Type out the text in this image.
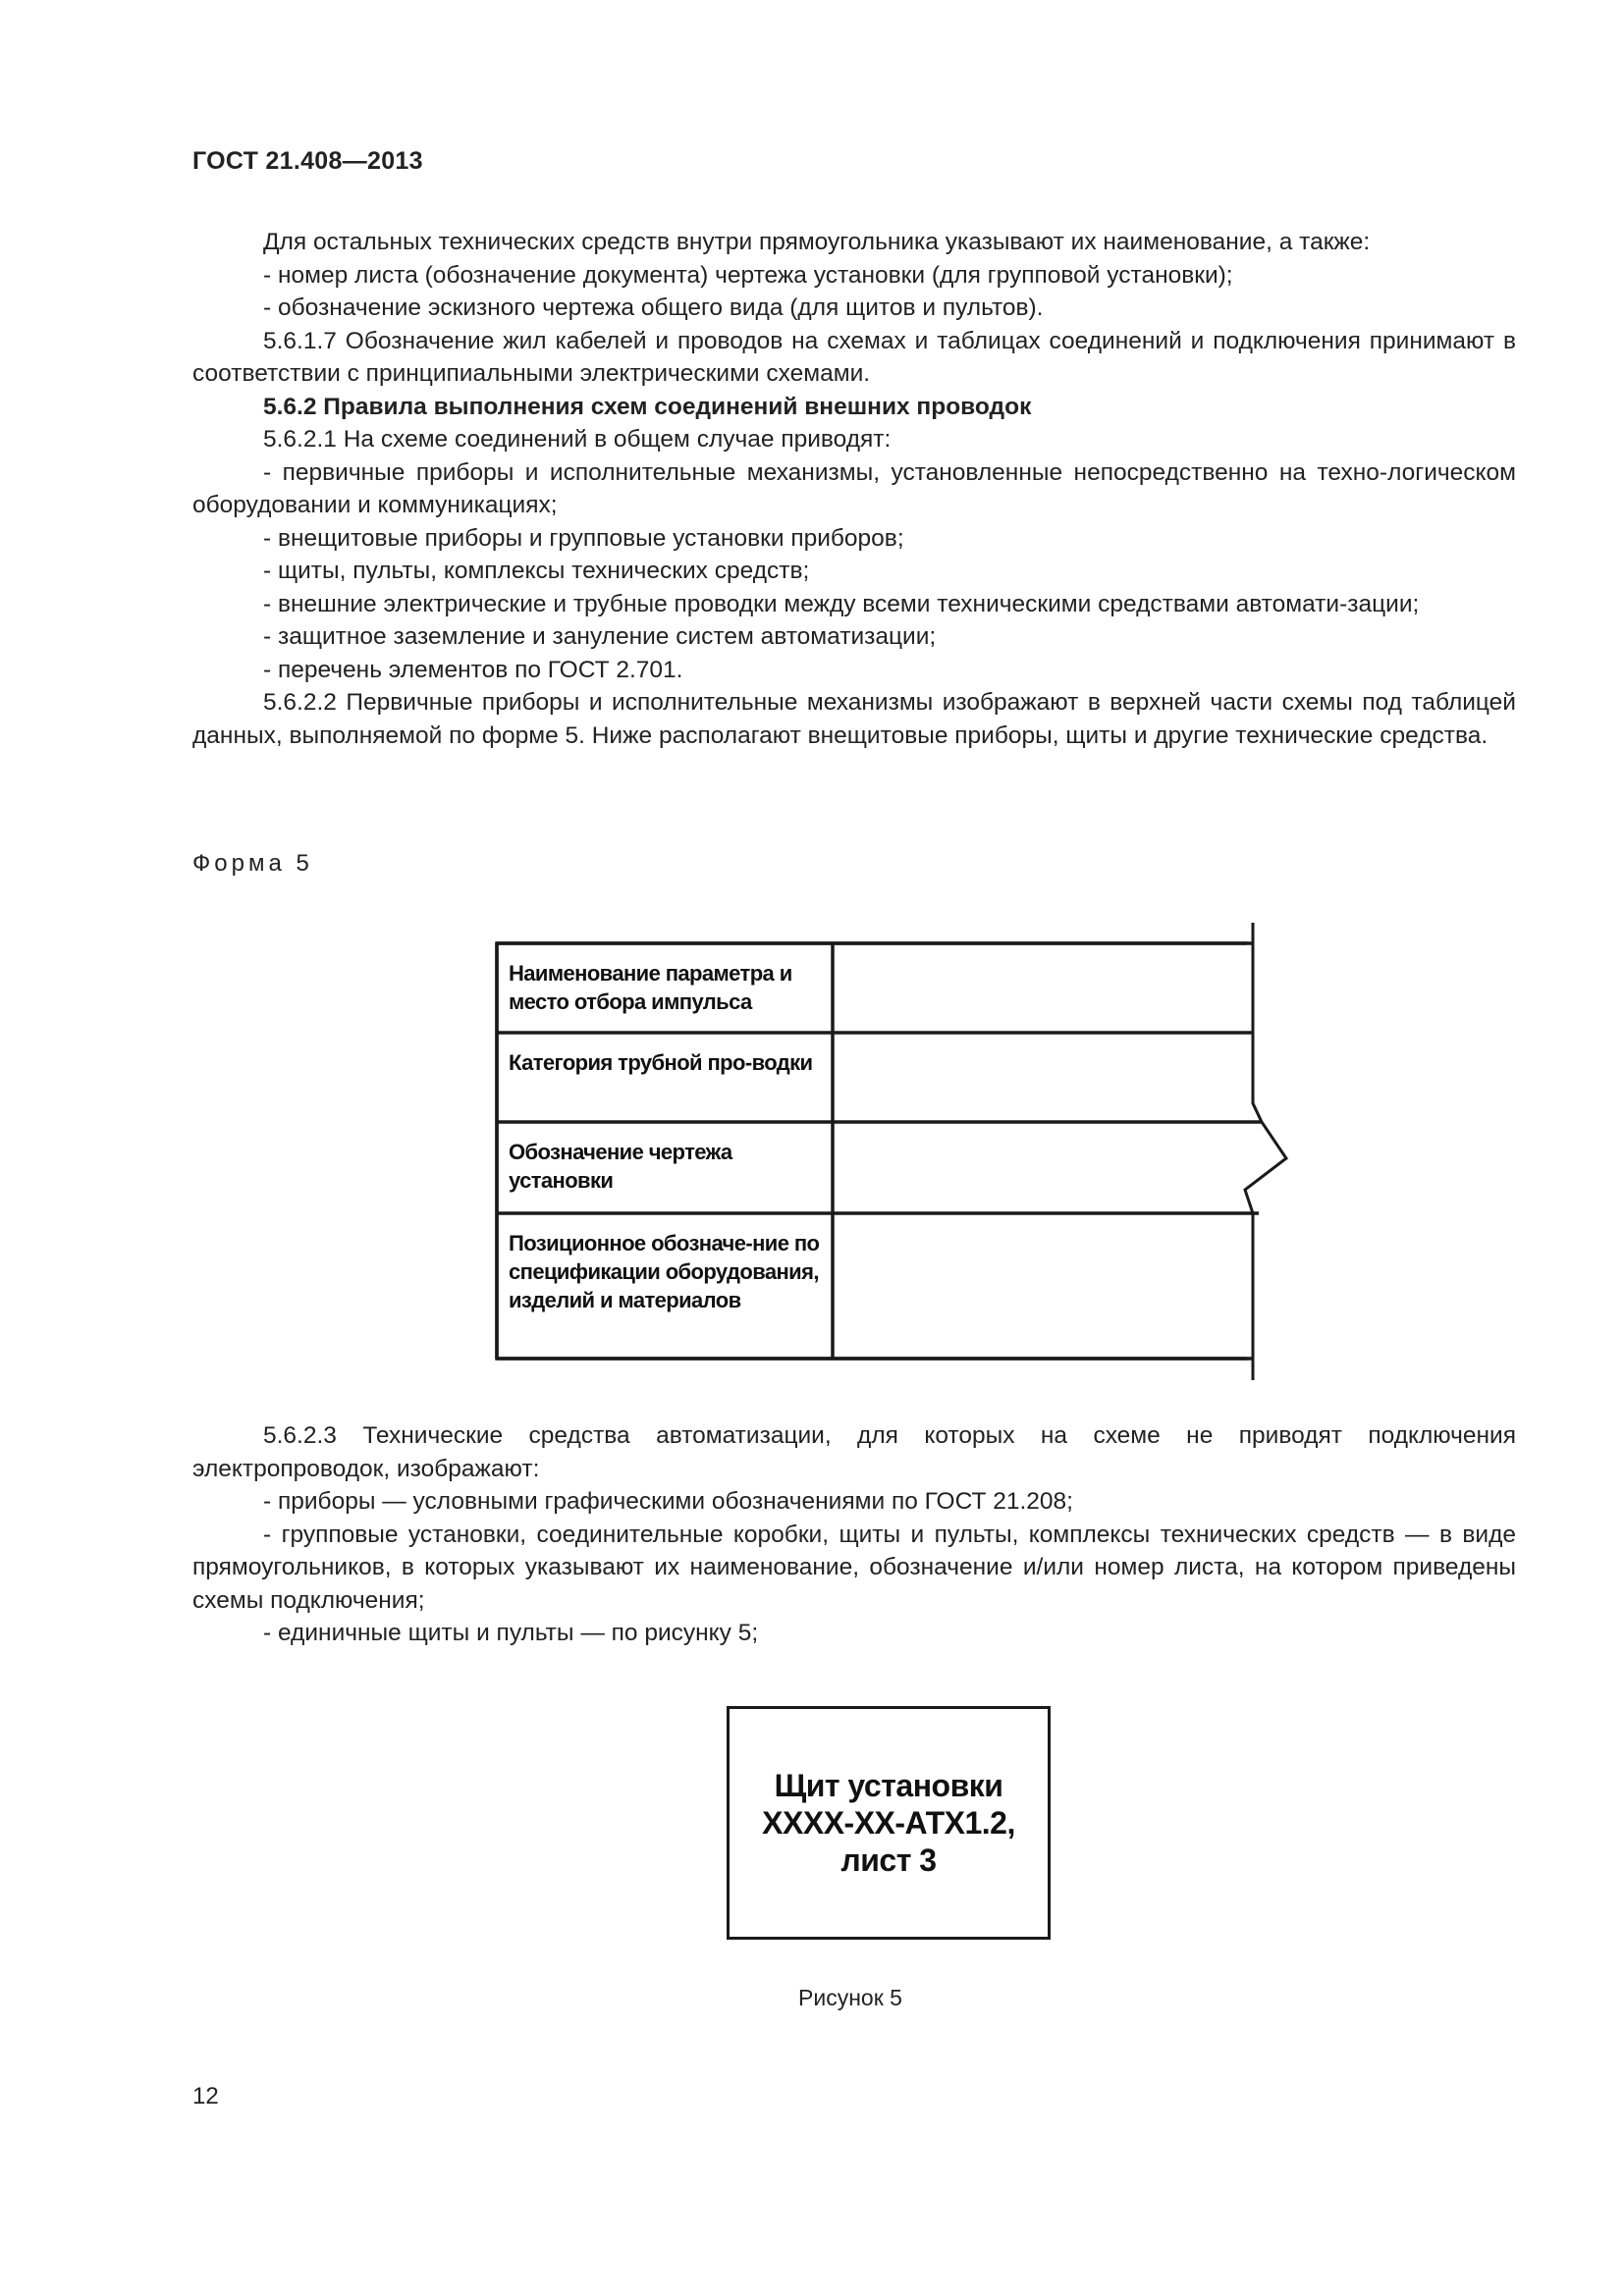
ГОСТ 21.408—2013

Для остальных технических средств внутри прямоугольника указывают их наименование, а также:

- номер листа (обозначение документа) чертежа установки (для групповой установки);

- обозначение эскизного чертежа общего вида (для щитов и пультов).

5.6.1.7 Обозначение жил кабелей и проводов на схемах и таблицах соединений и подключения принимают в соответствии с принципиальными электрическими схемами.

5.6.2 Правила выполнения схем соединений внешних проводок

5.6.2.1 На схеме соединений в общем случае приводят:

- первичные приборы и исполнительные механизмы, установленные непосредственно на техно-логическом оборудовании и коммуникациях;

- внещитовые приборы и групповые установки приборов;

- щиты, пульты, комплексы технических средств;

- внешние электрические и трубные проводки между всеми техническими средствами автомати-зации;

- защитное заземление и зануление систем автоматизации;

- перечень элементов по ГОСТ 2.701.

5.6.2.2 Первичные приборы и исполнительные механизмы изображают в верхней части схемы под таблицей данных, выполняемой по форме 5. Ниже располагают внещитовые приборы, щиты и другие технические средства.

Форма 5
Наименование параметра и место отбора импульса
Категория трубной про-водки
Обозначение чертежа установки
Позиционное обозначе-ние по спецификации оборудования, изделий и материалов

5.6.2.3 Технические средства автоматизации, для которых на схеме не приводят подключения электропроводок, изображают:

- приборы — условными графическими обозначениями по ГОСТ 21.208;

- групповые установки, соединительные коробки, щиты и пульты, комплексы технических средств — в виде прямоугольников, в которых указывают их наименование, обозначение и/или номер листа, на котором приведены схемы подключения;

- единичные щиты и пульты — по рисунку 5;

Щит установки
ХХХХ-ХХ-АТХ1.2,
лист 3
Рисунок 5
12
